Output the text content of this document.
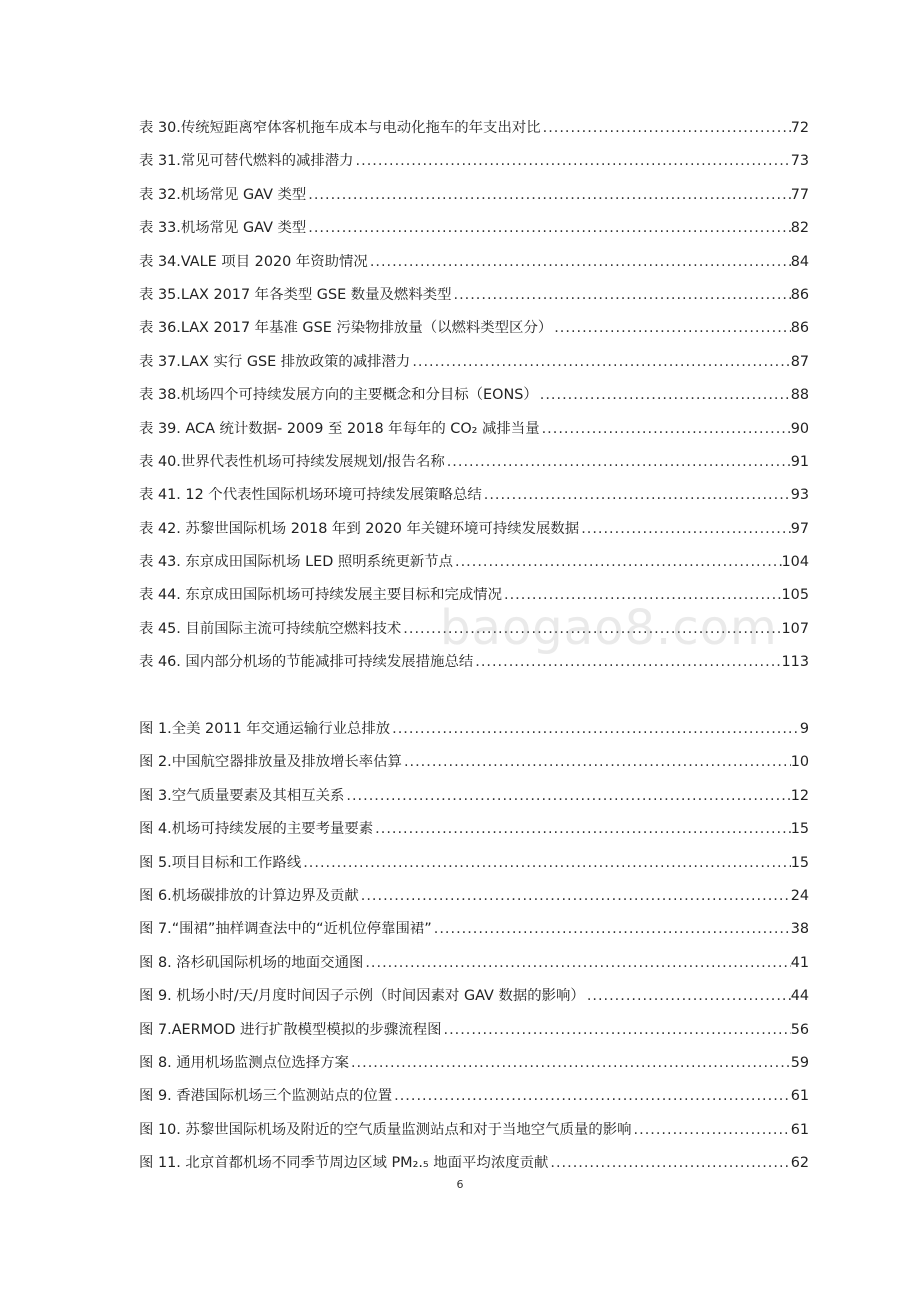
表 30.传统短距离窄体客机拖车成本与电动化拖车的年支出对比 .....	72
表 31.常见可替代燃料的减排潜力 .....	73
表 32.机场常见 GAV 类型 .....	77
表 33.机场常见 GAV 类型 .....	82
表 34.VALE 项目 2020 年资助情况 .....	84
表 35.LAX 2017 年各类型 GSE 数量及燃料类型 .....	86
表 36.LAX 2017 年基准 GSE 污染物排放量（以燃料类型区分） .....	86
表 37.LAX 实行 GSE 排放政策的减排潜力 .....	87
表 38.机场四个可持续发展方向的主要概念和分目标（EONS） .....	88
表 39. ACA 统计数据- 2009 至 2018 年每年的 CO₂ 减排当量 .....	90
表 40.世界代表性机场可持续发展规划/报告名称 .....	91
表 41. 12 个代表性国际机场环境可持续发展策略总结 .....	93
表 42. 苏黎世国际机场 2018 年到 2020 年关键环境可持续发展数据 .....	97
表 43. 东京成田国际机场 LED 照明系统更新节点 .....	104
表 44. 东京成田国际机场可持续发展主要目标和完成情况 .....	105
表 45. 目前国际主流可持续航空燃料技术 .....	107
表 46. 国内部分机场的节能减排可持续发展措施总结 .....	113
图 1.全美 2011 年交通运输行业总排放 .....	9
图 2.中国航空器排放量及排放增长率估算 .....	10
图 3.空气质量要素及其相互关系 .....	12
图 4.机场可持续发展的主要考量要素 .....	15
图 5.项目目标和工作路线 .....	15
图 6.机场碳排放的计算边界及贡献 .....	24
图 7.“围裙”抽样调查法中的“近机位停靠围裙” .....	38
图 8. 洛杉矶国际机场的地面交通图 .....	41
图 9. 机场小时/天/月度时间因子示例（时间因素对 GAV 数据的影响） .....	44
图 7.AERMOD 进行扩散模型模拟的步骤流程图 .....	56
图 8. 通用机场监测点位选择方案 .....	59
图 9. 香港国际机场三个监测站点的位置 .....	61
图 10. 苏黎世国际机场及附近的空气质量监测站点和对于当地空气质量的影响 .....	61
图 11. 北京首都机场不同季节周边区域 PM₂.₅ 地面平均浓度贡献 .....	62
baogao8.com
6
